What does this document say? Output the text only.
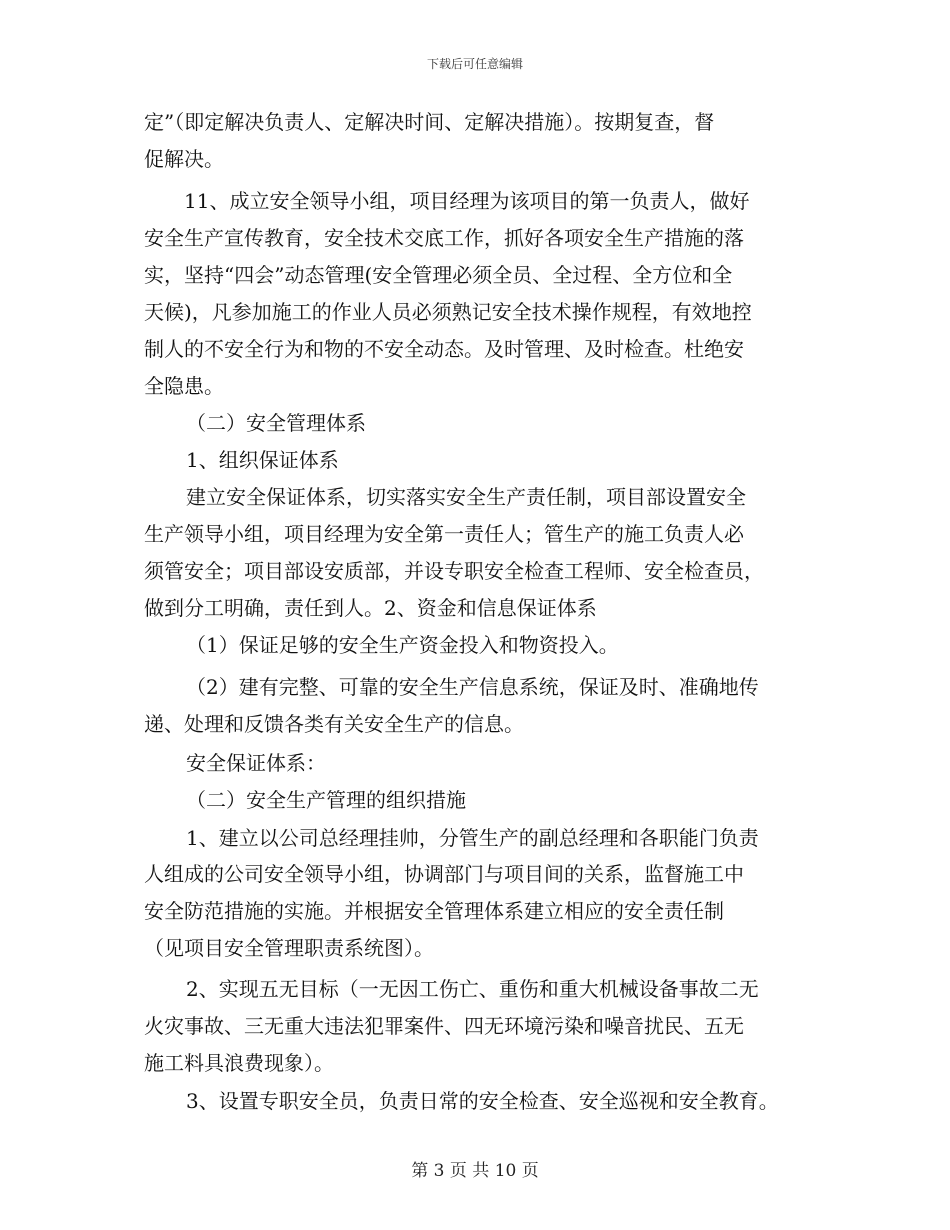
下载后可任意编辑
定”（即定解决负责人、定解决时间、定解决措施）。按期复查，督
促解决。
11、成立安全领导小组，项目经理为该项目的第一负责人，做好
安全生产宣传教育，安全技术交底工作，抓好各项安全生产措施的落
实，坚持“四会”动态管理(安全管理必须全员、全过程、全方位和全
天候)，凡参加施工的作业人员必须熟记安全技术操作规程，有效地控
制人的不安全行为和物的不安全动态。及时管理、及时检查。杜绝安
全隐患。
（二）安全管理体系
1、组织保证体系
建立安全保证体系，切实落实安全生产责任制，项目部设置安全
生产领导小组，项目经理为安全第一责任人；管生产的施工负责人必
须管安全；项目部设安质部，并设专职安全检查工程师、安全检查员，
做到分工明确，责任到人。2、资金和信息保证体系
（1）保证足够的安全生产资金投入和物资投入。
（2）建有完整、可靠的安全生产信息系统，保证及时、准确地传
递、处理和反馈各类有关安全生产的信息。
安全保证体系：
（二）安全生产管理的组织措施
1、建立以公司总经理挂帅，分管生产的副总经理和各职能门负责
人组成的公司安全领导小组，协调部门与项目间的关系，监督施工中
安全防范措施的实施。并根据安全管理体系建立相应的安全责任制
（见项目安全管理职责系统图）。
2、实现五无目标（一无因工伤亡、重伤和重大机械设备事故二无
火灾事故、三无重大违法犯罪案件、四无环境污染和噪音扰民、五无
施工料具浪费现象）。
3、设置专职安全员，负责日常的安全检查、安全巡视和安全教育。
第 3 页 共 10 页
